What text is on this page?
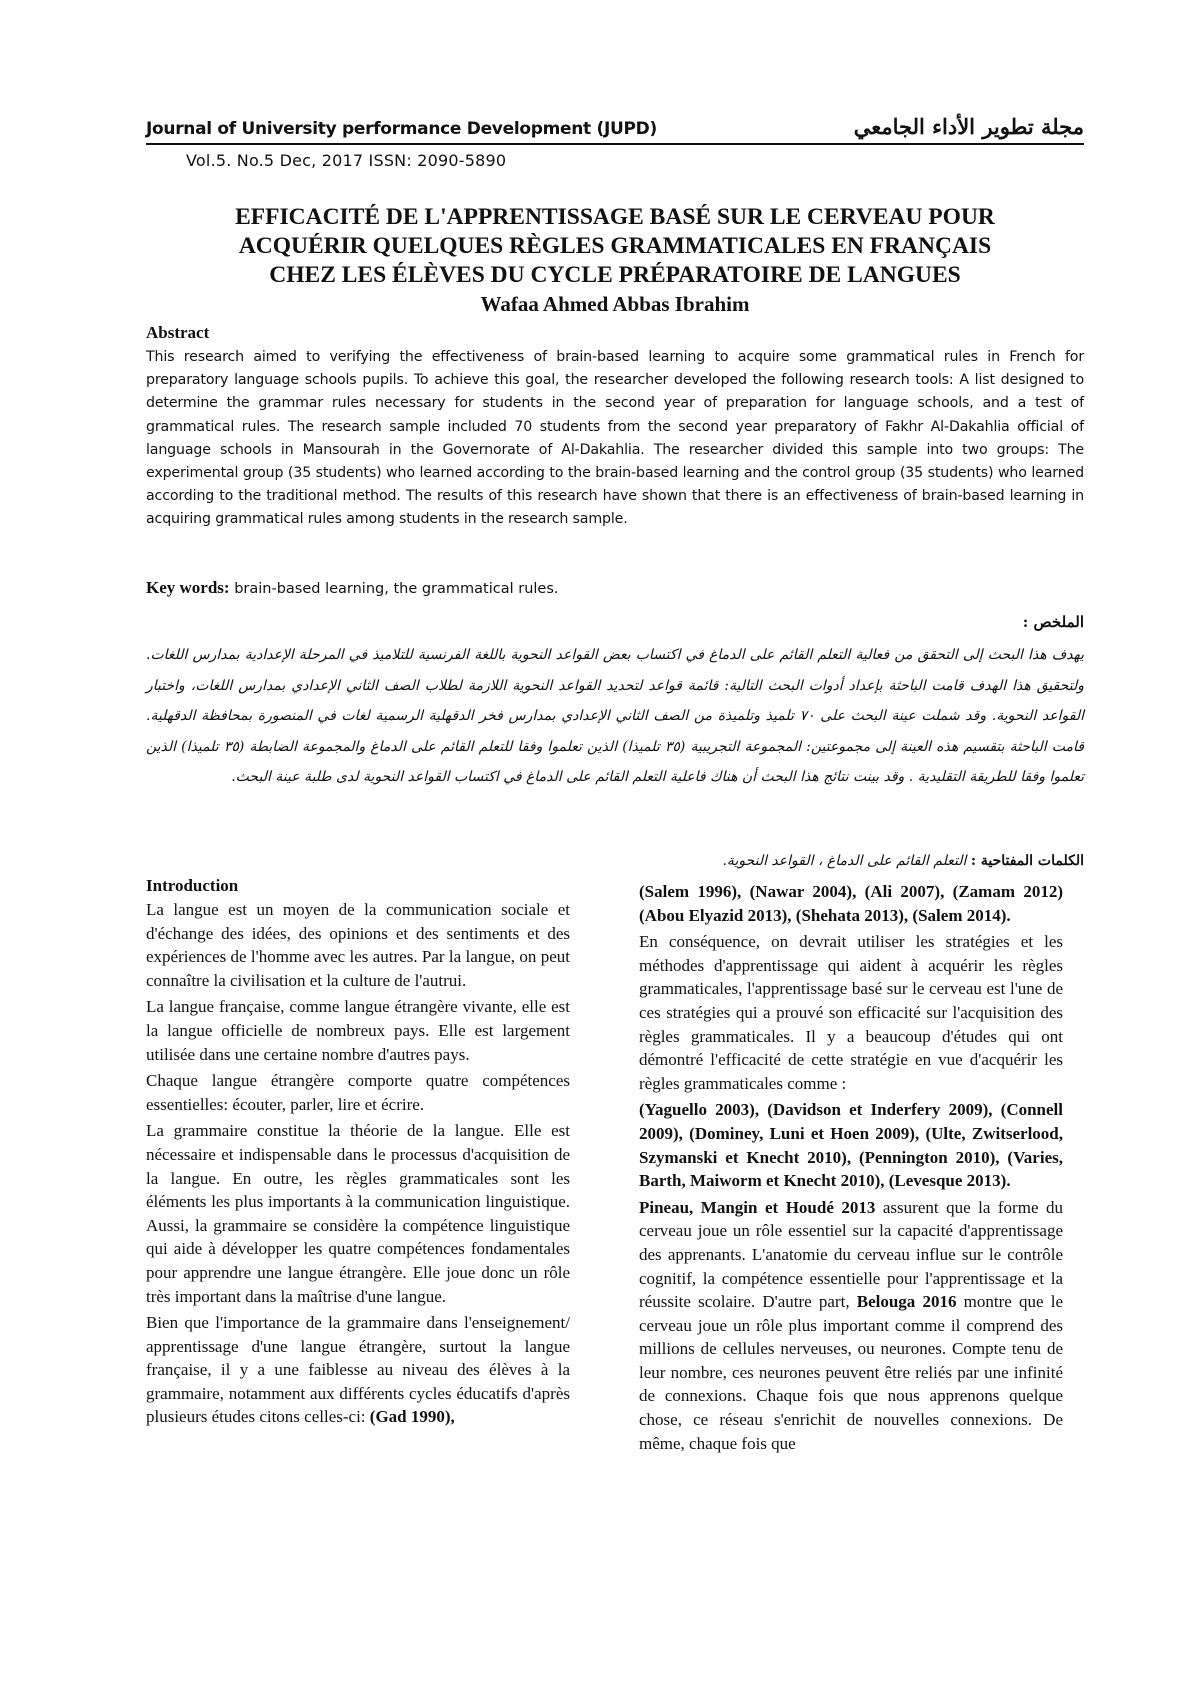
Journal of University performance Development (JUPD)	مجلة تطوير الأداء الجامعي
Vol.5. No.5 Dec, 2017 ISSN: 2090-5890
EFFICACITÉ DE L'APPRENTISSAGE BASÉ SUR LE CERVEAU POUR
ACQUÉRIR QUELQUES RÈGLES GRAMMATICALES EN FRANÇAIS
CHEZ LES ÉLÈVES DU CYCLE PRÉPARATOIRE DE LANGUES
Wafaa Ahmed Abbas Ibrahim
Abstract
This research aimed to verifying the effectiveness of brain-based learning to acquire some grammatical rules in French for preparatory language schools pupils. To achieve this goal, the researcher developed the following research tools: A list designed to determine the grammar rules necessary for students in the second year of preparation for language schools, and a test of grammatical rules. The research sample included 70 students from the second year preparatory of Fakhr Al-Dakahlia official of language schools in Mansourah in the Governorate of Al-Dakahlia. The researcher divided this sample into two groups: The experimental group (35 students) who learned according to the brain-based learning and the control group (35 students) who learned according to the traditional method. The results of this research have shown that there is an effectiveness of brain-based learning in acquiring grammatical rules among students in the research sample.
Key words: brain-based learning, the grammatical rules.
الملخص :
يهدف هذا البحث إلى التحقق من فعالية التعلم القائم على الدماغ في اكتساب بعض القواعد النحوية باللغة الفرنسية للتلاميذ في المرحلة الإعدادية بمدارس اللغات. ولتحقيق هذا الهدف قامت الباحثة بإعداد أدوات البحث التالية: قائمة قواعد لتحديد القواعد النحوية اللازمة لطلاب الصف الثاني الإعدادي بمدارس اللغات، واختبار القواعد النحوية. وقد شملت عينة البحث على ٧٠ تلميذ وتلميذة من الصف الثاني الإعدادي بمدارس فخر الدقهلية الرسمية لغات في المنصورة بمحافظة الدقهلية. قامت الباحثة بتقسيم هذه العينة إلى مجموعتين: المجموعة التجريبية (٣٥ تلميذا) الذين تعلموا وفقا للتعلم القائم على الدماغ والمجموعة الضابطة (٣٥ تلميذا) الذين تعلموا وفقا للطريقة التقليدية . وقد بينت نتائج هذا البحث أن هناك فاعلية التعلم القائم على الدماغ في اكتساب القواعد النحوية لدى طلبة عينة البحث.
الكلمات المفتاحية : التعلم القائم على الدماغ ، القواعد النحوية.
Introduction

La langue est un moyen de la communication sociale et d'échange des idées, des opinions et des sentiments et des expériences de l'homme avec les autres. Par la langue, on peut connaître la civilisation et la culture de l'autrui.

La langue française, comme langue étrangère vivante, elle est la langue officielle de nombreux pays. Elle est largement utilisée dans une certaine nombre d'autres pays.

Chaque langue étrangère comporte quatre compétences essentielles: écouter, parler, lire et écrire.

La grammaire constitue la théorie de la langue. Elle est nécessaire et indispensable dans le processus d'acquisition de la langue. En outre, les règles grammaticales sont les éléments les plus importants à la communication linguistique. Aussi, la grammaire se considère la compétence linguistique qui aide à développer les quatre compétences fondamentales pour apprendre une langue étrangère. Elle joue donc un rôle très important dans la maîtrise d'une langue.

Bien que l'importance de la grammaire dans l'enseignement/ apprentissage d'une langue étrangère, surtout la langue française, il y a une faiblesse au niveau des élèves à la grammaire, notamment aux différents cycles éducatifs d'après plusieurs études citons celles-ci: (Gad 1990),

(Salem 1996), (Nawar 2004), (Ali 2007), (Zamam 2012) (Abou Elyazid 2013), (Shehata 2013), (Salem 2014).

En conséquence, on devrait utiliser les stratégies et les méthodes d'apprentissage qui aident à acquérir les règles grammaticales, l'apprentissage basé sur le cerveau est l'une de ces stratégies qui a prouvé son efficacité sur l'acquisition des règles grammaticales. Il y a beaucoup d'études qui ont démontré l'efficacité de cette stratégie en vue d'acquérir les règles grammaticales comme :

(Yaguello 2003), (Davidson et Inderfery 2009), (Connell 2009), (Dominey, Luni et Hoen 2009), (Ulte, Zwitserlood, Szymanski et Knecht 2010), (Pennington 2010), (Varies, Barth, Maiworm et Knecht 2010), (Levesque 2013).

Pineau, Mangin et Houdé 2013 assurent que la forme du cerveau joue un rôle essentiel sur la capacité d'apprentissage des apprenants. L'anatomie du cerveau influe sur le contrôle cognitif, la compétence essentielle pour l'apprentissage et la réussite scolaire. D'autre part, Belouga 2016 montre que le cerveau joue un rôle plus important comme il comprend des millions de cellules nerveuses, ou neurones. Compte tenu de leur nombre, ces neurones peuvent être reliés par une infinité de connexions. Chaque fois que nous apprenons quelque chose, ce réseau s'enrichit de nouvelles connexions. De même, chaque fois que
